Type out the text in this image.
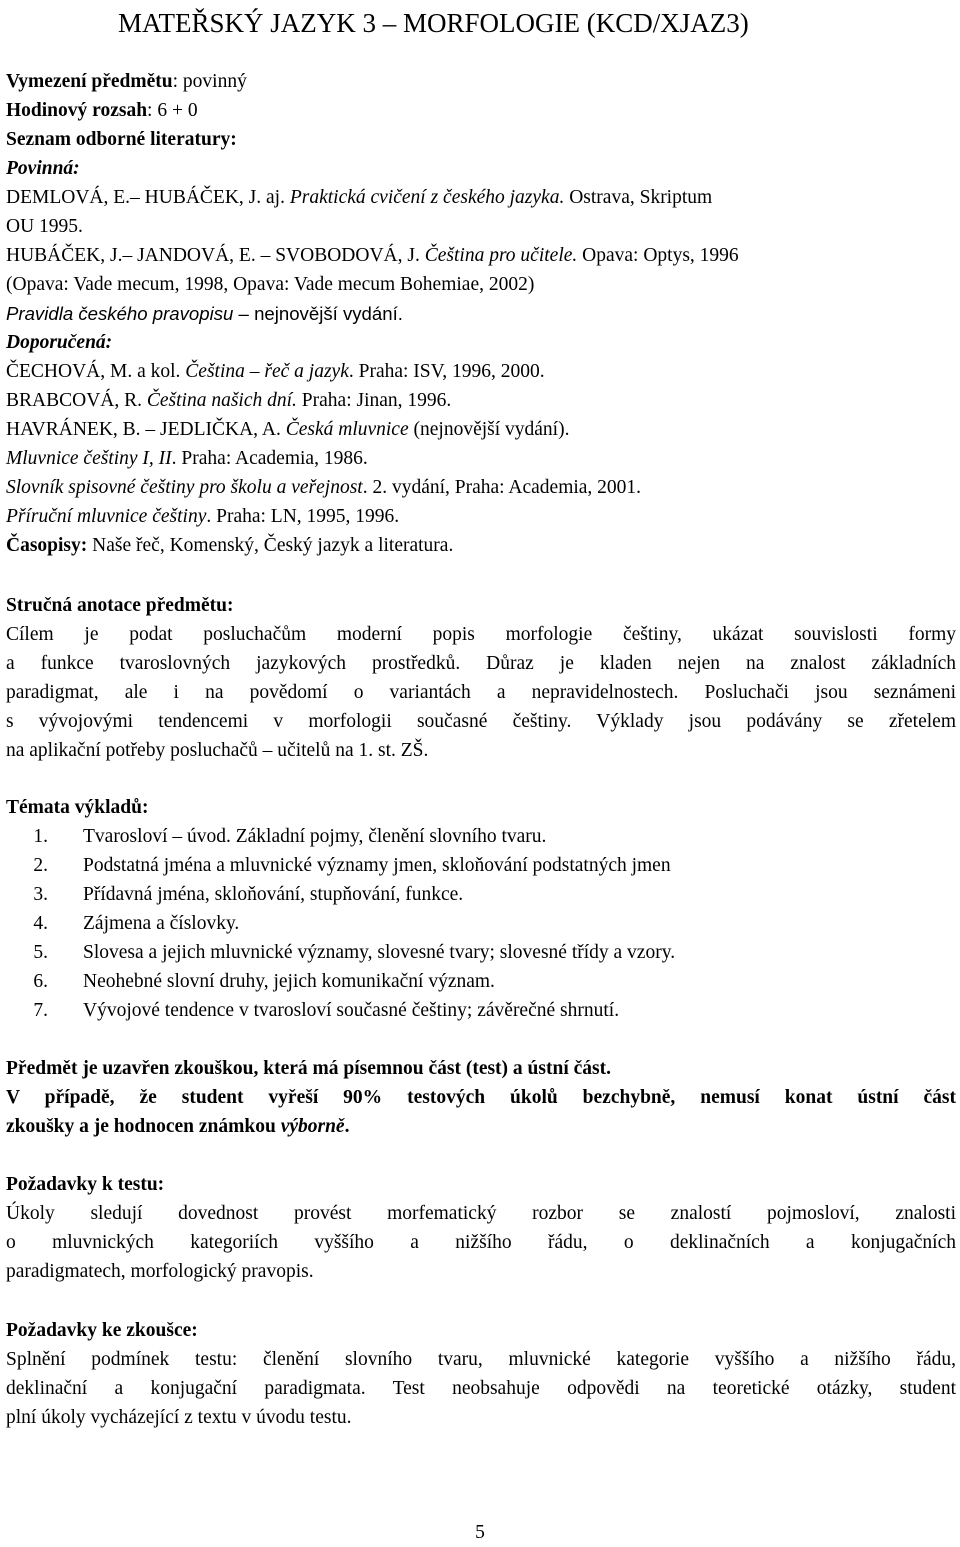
MATEŘSKÝ JAZYK 3 – MORFOLOGIE (KCD/XJAZ3)
Vymezení předmětu: povinný
Hodinový rozsah: 6 + 0
Seznam odborné literatury:
Povinná:
DEMLOVÁ, E.– HUBÁČEK, J. aj. Praktická cvičení z českého jazyka. Ostrava, Skriptum
OU 1995.
HUBÁČEK, J.– JANDOVÁ, E. – SVOBODOVÁ, J. Čeština pro učitele. Opava: Optys, 1996
(Opava: Vade mecum, 1998, Opava: Vade mecum Bohemiae, 2002)
Pravidla českého pravopisu – nejnovější vydání.
Doporučená:
ČECHOVÁ, M. a kol. Čeština – řeč a jazyk. Praha: ISV, 1996, 2000.
BRABCOVÁ, R. Čeština našich dní. Praha: Jinan, 1996.
HAVRÁNEK, B. – JEDLIČKA, A. Česká mluvnice (nejnovější vydání).
Mluvnice češtiny I, II. Praha: Academia, 1986.
Slovník spisovné češtiny pro školu a veřejnost. 2. vydání, Praha: Academia, 2001.
Příruční mluvnice češtiny. Praha: LN, 1995, 1996.
Časopisy: Naše řeč, Komenský, Český jazyk a literatura.
Stručná anotace předmětu:
Cílem je podat posluchačům moderní popis morfologie češtiny, ukázat souvislosti formy
a funkce tvaroslovných jazykových prostředků. Důraz je kladen nejen na znalost základních
paradigmat, ale i na povědomí o variantách a nepravidelnostech. Posluchači jsou seznámeni
s vývojovými tendencemi v morfologii současné češtiny. Výklady jsou podávány se zřetelem
na aplikační potřeby posluchačů – učitelů na 1. st. ZŠ.
Témata výkladů:
1.	Tvarosloví – úvod. Základní pojmy, členění slovního tvaru.
2.	Podstatná jména a mluvnické významy jmen, skloňování podstatných jmen
3.	Přídavná jména, skloňování, stupňování, funkce.
4.	Zájmena a číslovky.
5.	Slovesa a jejich mluvnické významy, slovesné tvary; slovesné třídy a vzory.
6.	Neohebné slovní druhy, jejich komunikační význam.
7.	Vývojové tendence v tvarosloví současné češtiny; závěrečné shrnutí.
Předmět je uzavřen zkouškou, která má písemnou část (test) a ústní část.
V případě, že student vyřeší 90% testových úkolů bezchybně, nemusí konat ústní část
zkoušky a je hodnocen známkou výborně.
Požadavky k testu:
Úkoly sledují dovednost provést morfematický rozbor se znalostí pojmosloví, znalosti
o mluvnických kategoriích vyššího a nižšího řádu, o deklinačních a konjugačních
paradigmatech, morfologický pravopis.
Požadavky ke zkoušce:
Splnění podmínek testu: členění slovního tvaru, mluvnické kategorie vyššího a nižšího řádu,
deklinační a konjugační paradigmata. Test neobsahuje odpovědi na teoretické otázky, student
plní úkoly vycházející z textu v úvodu testu.
5
